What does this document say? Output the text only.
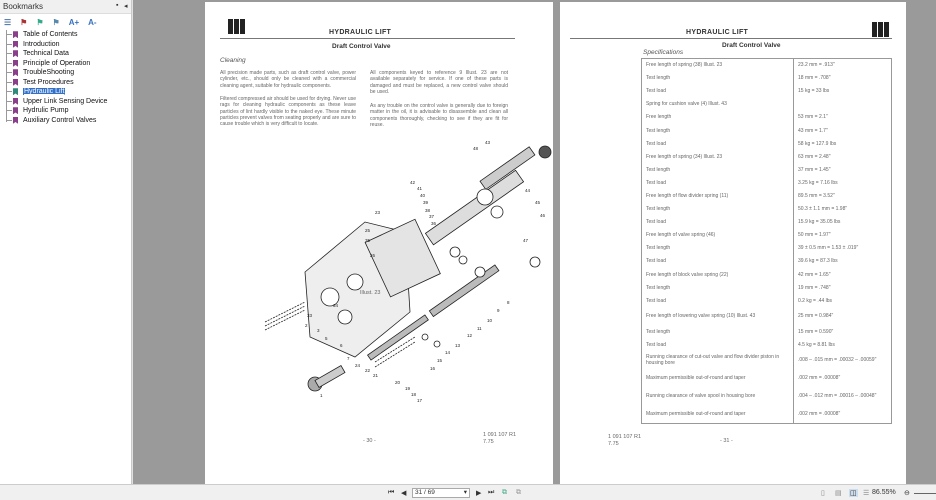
Bookmarks	▪ ◂
☰ ⚑ ⚑ ⚑ A+ A-
Table of Contents
Introduction
Technical Data
Principle of Operation
TroubleShooting
Test Procedures
Hydraulic Lift
Upper Link Sensing Device
Hydrulic Pump
Auxiliary Control Valves
HYDRAULIC LIFT
Draft Control Valve
Cleaning
All precision made parts, such as draft control valve, power cylinder, etc., should only be cleaned with a commercial cleaning agent, suitable for hydraulic components.
Filtered compressed air should be used for drying. Never use rags for cleaning hydraulic components as these leave particles of lint hardly visible to the naked eye. These minute particles prevent valves from seating properly and are sure to cause trouble which is very difficult to locate.
All components keyed to reference 9 Illust. 23 are not available separately for service. If one of these parts is damaged and must be replaced, a new control valve should be used.
As any trouble on the control valve is generally due to foreign matter in the oil, it is advisable to disassemble and clean all components thoroughly, checking to see if they are fit for reuse.
48
43
42
41
40
39
38
37
36
23
35
26
33
34
2
3
5
6
7
24
22
21
20
19
18
17
16
15
14
13
12
11
10
9
8
25
44
45
46
47
1
Illust. 23
- 30 -
1 091 107 R1
7.75
HYDRAULIC LIFT
Draft Control Valve
Specifications
Free length of spring (38) Illust. 23	23.2 mm = .913"
Test length	18 mm = .708"
Test load	15 kg = 33 lbs
Spring for cushion valve (4) Illust. 43	
Free length	53 mm = 2.1"
Test length	43 mm = 1.7"
Test load	58 kg = 127.9 lbs
Free length of spring (34) Illust. 23	63 mm = 2.48"
Test length	37 mm = 1.45"
Test load	3.25 kg = 7.16 lbs
Free length of flow divider spring (11)	89.5 mm = 3.52"
Test length	50.3 ± 1.1 mm = 1.98"
Test load	15.9 kg = 35.05 lbs
Free length of valve spring (46)	50 mm = 1.97"
Test length	39 ± 0.5 mm = 1.53 ± .019"
Test load	39.6 kg = 87.3 lbs
Free length of block valve spring (22)	42 mm = 1.65"
Test length	19 mm = .748"
Test load	0.2 kg = .44 lbs
Free length of lowering valve spring (10) Illust. 43	25 mm = 0.984"
Test length	15 mm = 0.590"
Test load	4.5 kg = 8.81 lbs
Running clearance of cut-out valve and flow divider piston in housing bore	.008 – .015 mm = .00032 – .00059"
Maximum permissible out-of-round and taper	.002 mm = .00008"
Running clearance of valve spool in housing bore	.004 – .012 mm = .00016 – .00048"
Maximum permissible out-of-round and taper	.002 mm = .00008"
1 091 107 R1
7.75	- 31 -
⏮ ◀	31 / 69	▾ ▶ ⏭ ⧉ ⧉	▯ ▤ ◫ ☰ 86.55% ⊖
